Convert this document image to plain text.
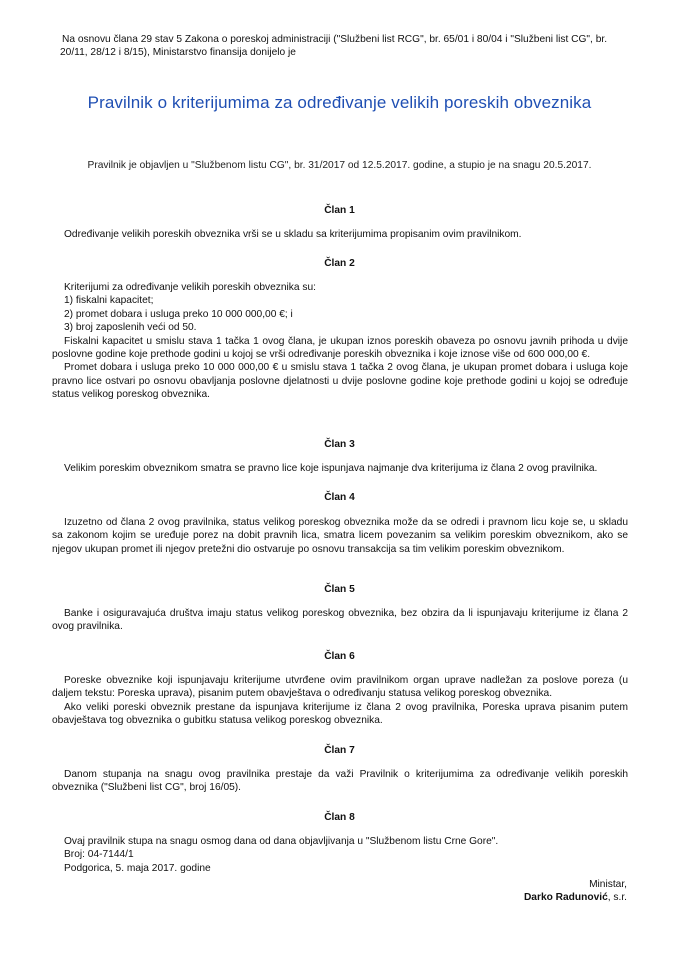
Na osnovu člana 29 stav 5 Zakona o poreskoj administraciji ("Službeni list RCG", br. 65/01 i 80/04 i "Službeni list CG", br. 20/11, 28/12 i 8/15), Ministarstvo finansija donijelo je
Pravilnik o kriterijumima za određivanje velikih poreskih obveznika
Pravilnik je objavljen u "Službenom listu CG", br. 31/2017 od 12.5.2017. godine, a stupio je na snagu 20.5.2017.
Član 1

Određivanje velikih poreskih obveznika vrši se u skladu sa kriterijumima propisanim ovim pravilnikom.

Član 2

Kriterijumi za određivanje velikih poreskih obveznika su:

1) fiskalni kapacitet;

2) promet dobara i usluga preko 10 000 000,00 €; i

3) broj zaposlenih veći od 50.

Fiskalni kapacitet u smislu stava 1 tačka 1 ovog člana, je ukupan iznos poreskih obaveza po osnovu javnih prihoda u dvije poslovne godine koje prethode godini u kojoj se vrši određivanje poreskih obveznika i koje iznose više od 600 000,00 €.

Promet dobara i usluga preko 10 000 000,00 € u smislu stava 1 tačka 2 ovog člana, je ukupan promet dobara i usluga koje pravno lice ostvari po osnovu obavljanja poslovne djelatnosti u dvije poslovne godine koje prethode godini u kojoj se određuje status velikog poreskog obveznika.

Član 3

Velikim poreskim obveznikom smatra se pravno lice koje ispunjava najmanje dva kriterijuma iz člana 2 ovog pravilnika.

Član 4

Izuzetno od člana 2 ovog pravilnika, status velikog poreskog obveznika može da se odredi i pravnom licu koje se, u skladu sa zakonom kojim se uređuje porez na dobit pravnih lica, smatra licem povezanim sa velikim poreskim obveznikom, ako se njegov ukupan promet ili njegov pretežni dio ostvaruje po osnovu transakcija sa tim velikim poreskim obveznikom.

Član 5

Banke i osiguravajuća društva imaju status velikog poreskog obveznika, bez obzira da li ispunjavaju kriterijume iz člana 2 ovog pravilnika.

Član 6

Poreske obveznike koji ispunjavaju kriterijume utvrđene ovim pravilnikom organ uprave nadležan za poslove poreza (u daljem tekstu: Poreska uprava), pisanim putem obavještava o određivanju statusa velikog poreskog obveznika.

Ako veliki poreski obveznik prestane da ispunjava kriterijume iz člana 2 ovog pravilnika, Poreska uprava pisanim putem obavještava tog obveznika o gubitku statusa velikog poreskog obveznika.

Član 7

Danom stupanja na snagu ovog pravilnika prestaje da važi Pravilnik o kriterijumima za određivanje velikih poreskih obveznika ("Službeni list CG", broj 16/05).

Član 8

Ovaj pravilnik stupa na snagu osmog dana od dana objavljivanja u "Službenom listu Crne Gore".

Broj: 04-7144/1

Podgorica, 5. maja 2017. godine

Ministar,
Darko Radunović, s.r.
